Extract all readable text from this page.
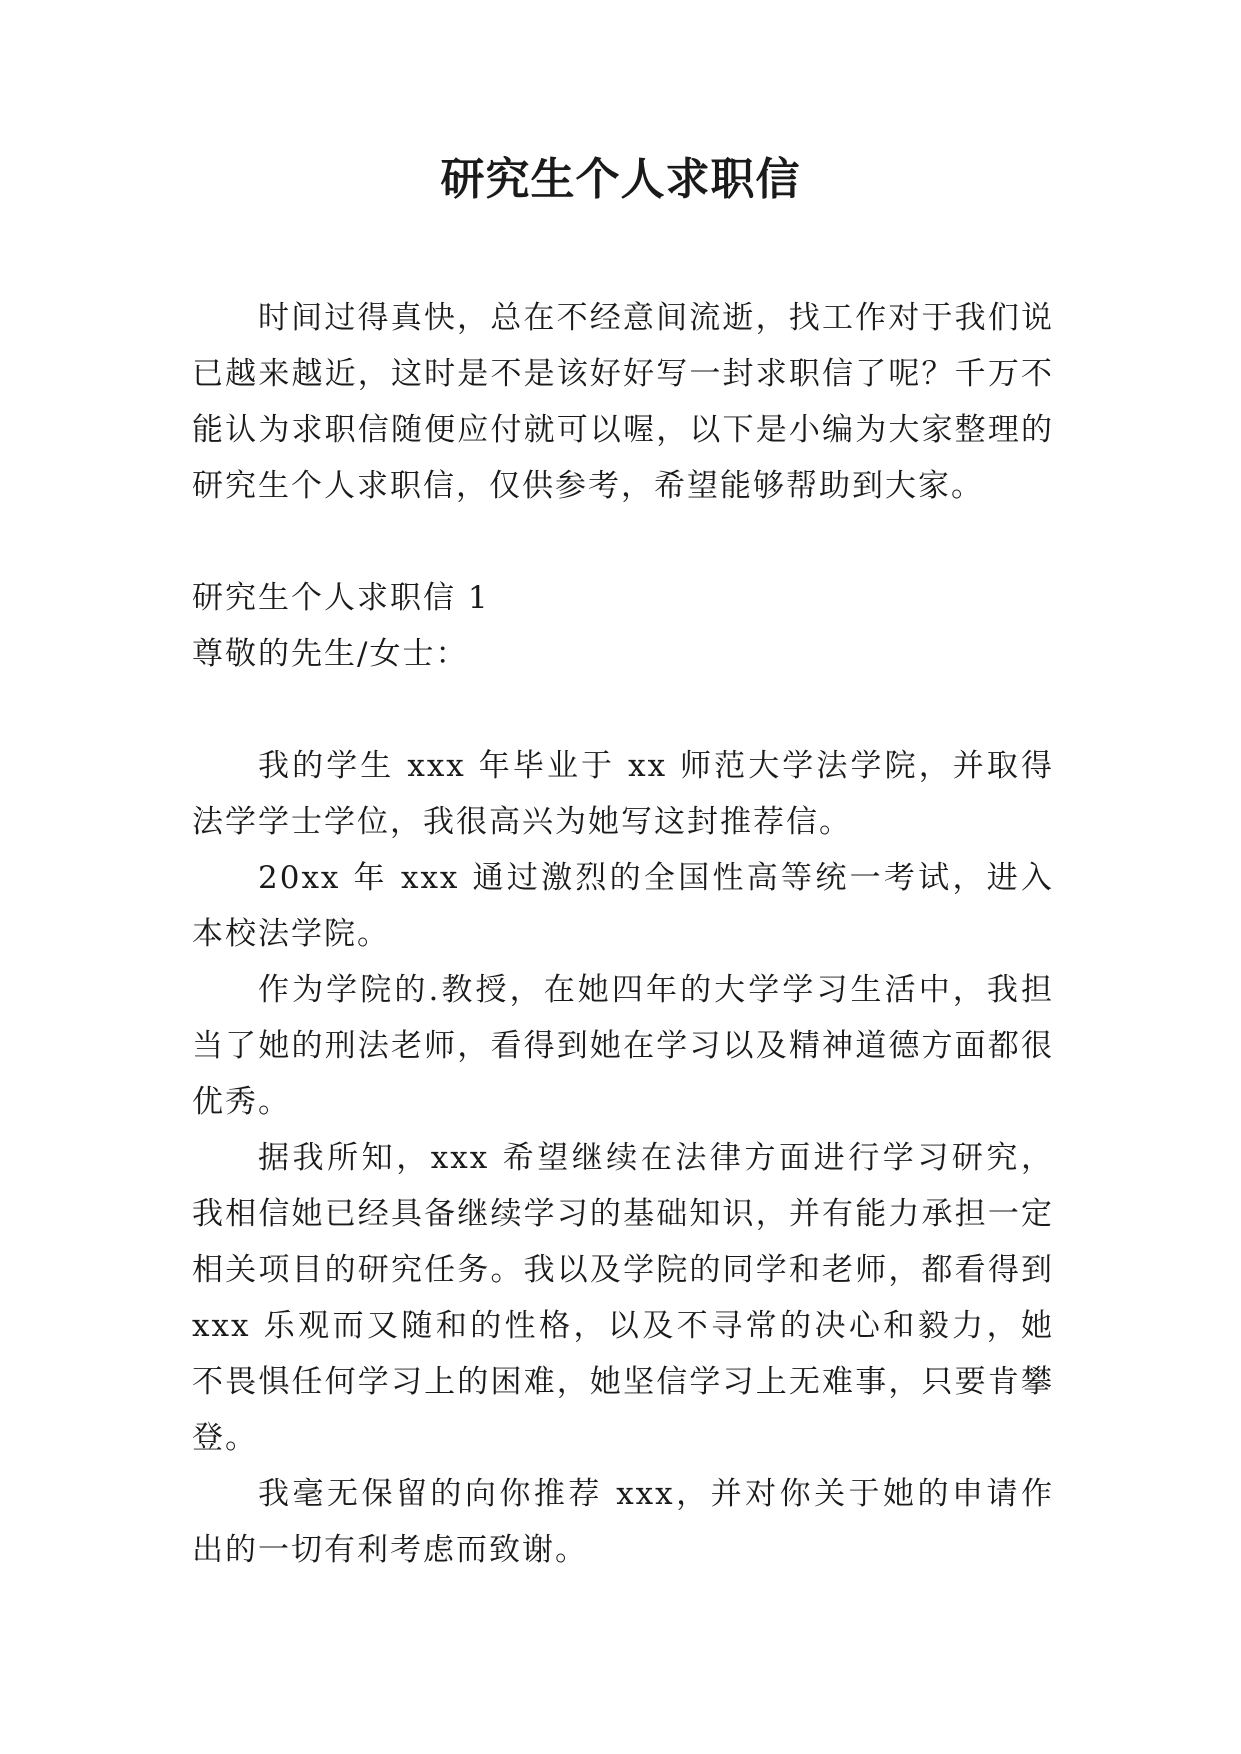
研究生个人求职信

时间过得真快，总在不经意间流逝，找工作对于我们说已越来越近，这时是不是该好好写一封求职信了呢？千万不能认为求职信随便应付就可以喔，以下是小编为大家整理的研究生个人求职信，仅供参考，希望能够帮助到大家。

研究生个人求职信 1

尊敬的先生/女士：

我的学生 xxx 年毕业于 xx 师范大学法学院，并取得法学学士学位，我很高兴为她写这封推荐信。

20xx 年 xxx 通过激烈的全国性高等统一考试，进入本校法学院。

作为学院的.教授，在她四年的大学学习生活中，我担当了她的刑法老师，看得到她在学习以及精神道德方面都很优秀。

据我所知，xxx 希望继续在法律方面进行学习研究，我相信她已经具备继续学习的基础知识，并有能力承担一定相关项目的研究任务。我以及学院的同学和老师，都看得到 xxx 乐观而又随和的性格，以及不寻常的决心和毅力，她不畏惧任何学习上的困难，她坚信学习上无难事，只要肯攀登。

我毫无保留的向你推荐 xxx，并对你关于她的申请作出的一切有利考虑而致谢。
